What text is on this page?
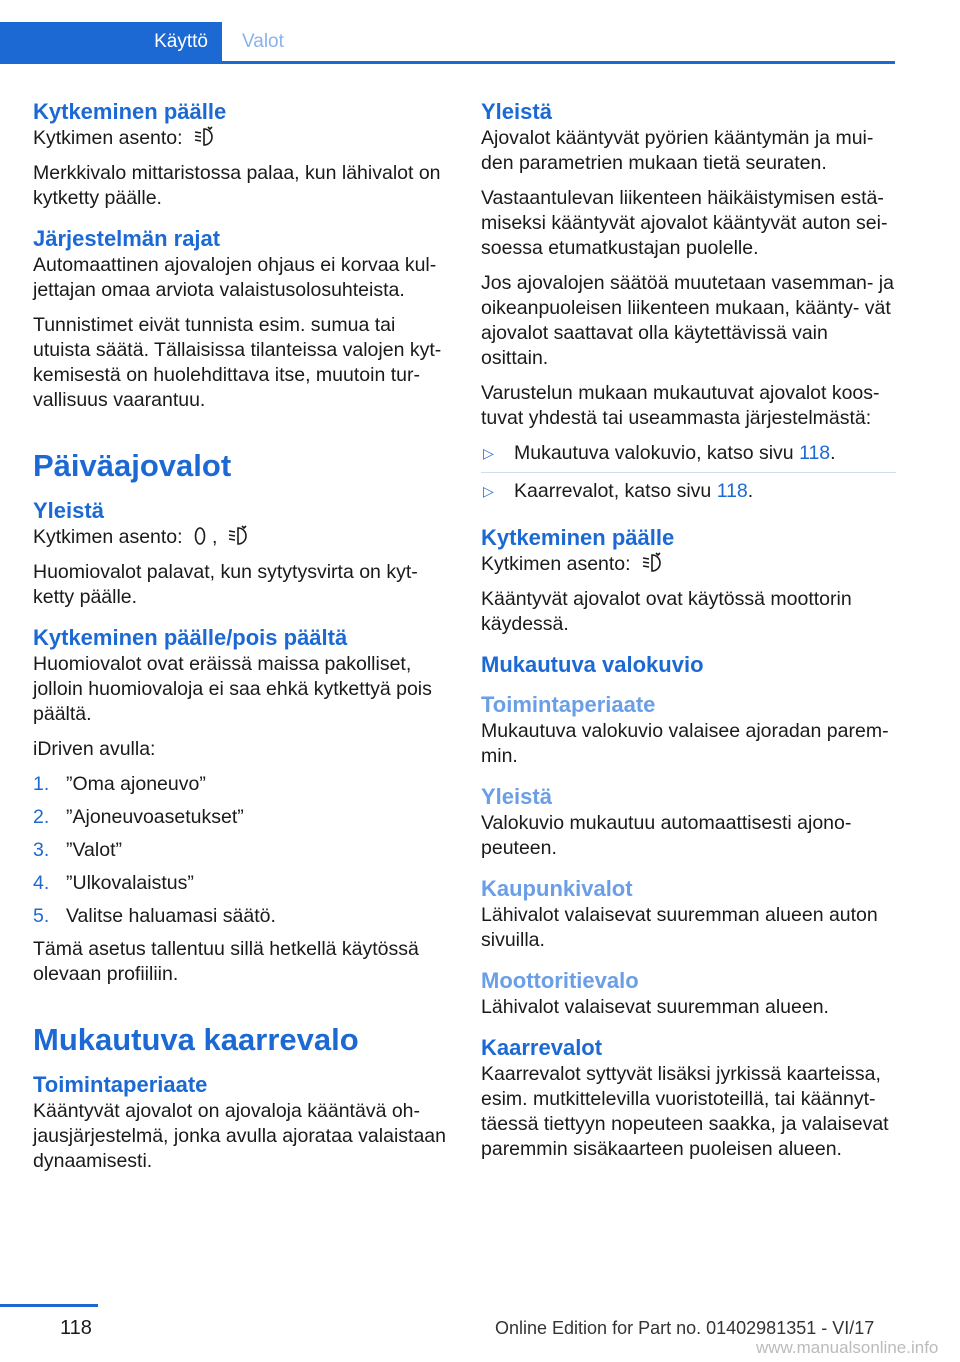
Käyttö	Valot
Kytkeminen päälle

Kytkimen asento:

Merkkivalo mittaristossa palaa, kun lähivalot on kytketty päälle.

Järjestelmän rajat

Automaattinen ajovalojen ohjaus ei korvaa kul‐ jettajan omaa arviota valaistusolosuhteista.

Tunnistimet eivät tunnista esim. sumua tai utuista säätä. Tällaisissa tilanteissa valojen kyt‐ kemisestä on huolehdittava itse, muutoin tur‐ vallisuus vaarantuu.

Päiväajovalot
Yleistä

Kytkimen asento: ,

Huomiovalot palavat, kun sytytysvirta on kyt‐ ketty päälle.

Kytkeminen päälle/pois päältä

Huomiovalot ovat eräissä maissa pakolliset, jolloin huomiovaloja ei saa ehkä kytkettyä pois päältä.

iDriven avulla:

1. ”Oma ajoneuvo”
2. ”Ajoneuvoasetukset”
3. ”Valot”
4. ”Ulkovalaistus”
5. Valitse haluamasi säätö.

Tämä asetus tallentuu sillä hetkellä käytössä olevaan profiiliin.

Mukautuva kaarrevalo
Toimintaperiaate

Kääntyvät ajovalot on ajovaloja kääntävä oh‐ jausjärjestelmä, jonka avulla ajorataa valaistaan dynaamisesti.

Yleistä

Ajovalot kääntyvät pyörien kääntymän ja mui‐ den parametrien mukaan tietä seuraten.

Vastaantulevan liikenteen häikäistymisen estä‐ miseksi kääntyvät ajovalot kääntyvät auton sei‐ soessa etumatkustajan puolelle.

Jos ajovalojen säätöä muutetaan vasemman‐ ja oikeanpuoleisen liikenteen mukaan, käänty‐ vät ajovalot saattavat olla käytettävissä vain osittain.

Varustelun mukaan mukautuvat ajovalot koos‐ tuvat yhdestä tai useammasta järjestelmästä:

▷ Mukautuva valokuvio, katso sivu 118.
▷ Kaarrevalot, katso sivu 118.
Kytkeminen päälle

Kytkimen asento:

Kääntyvät ajovalot ovat käytössä moottorin käydessä.

Mukautuva valokuvio
Toimintaperiaate

Mukautuva valokuvio valaisee ajoradan parem‐ min.

Yleistä

Valokuvio mukautuu automaattisesti ajono‐ peuteen.

Kaupunkivalot

Lähivalot valaisevat suuremman alueen auton sivuilla.

Moottoritievalo

Lähivalot valaisevat suuremman alueen.

Kaarrevalot

Kaarrevalot syttyvät lisäksi jyrkissä kaarteissa, esim. mutkittelevilla vuoristoteillä, tai käännyt‐ täessä tiettyyn nopeuteen saakka, ja valaisevat paremmin sisäkaarteen puoleisen alueen.

118	Online Edition for Part no. 01402981351 - VI/17
www.manualsonline.info
